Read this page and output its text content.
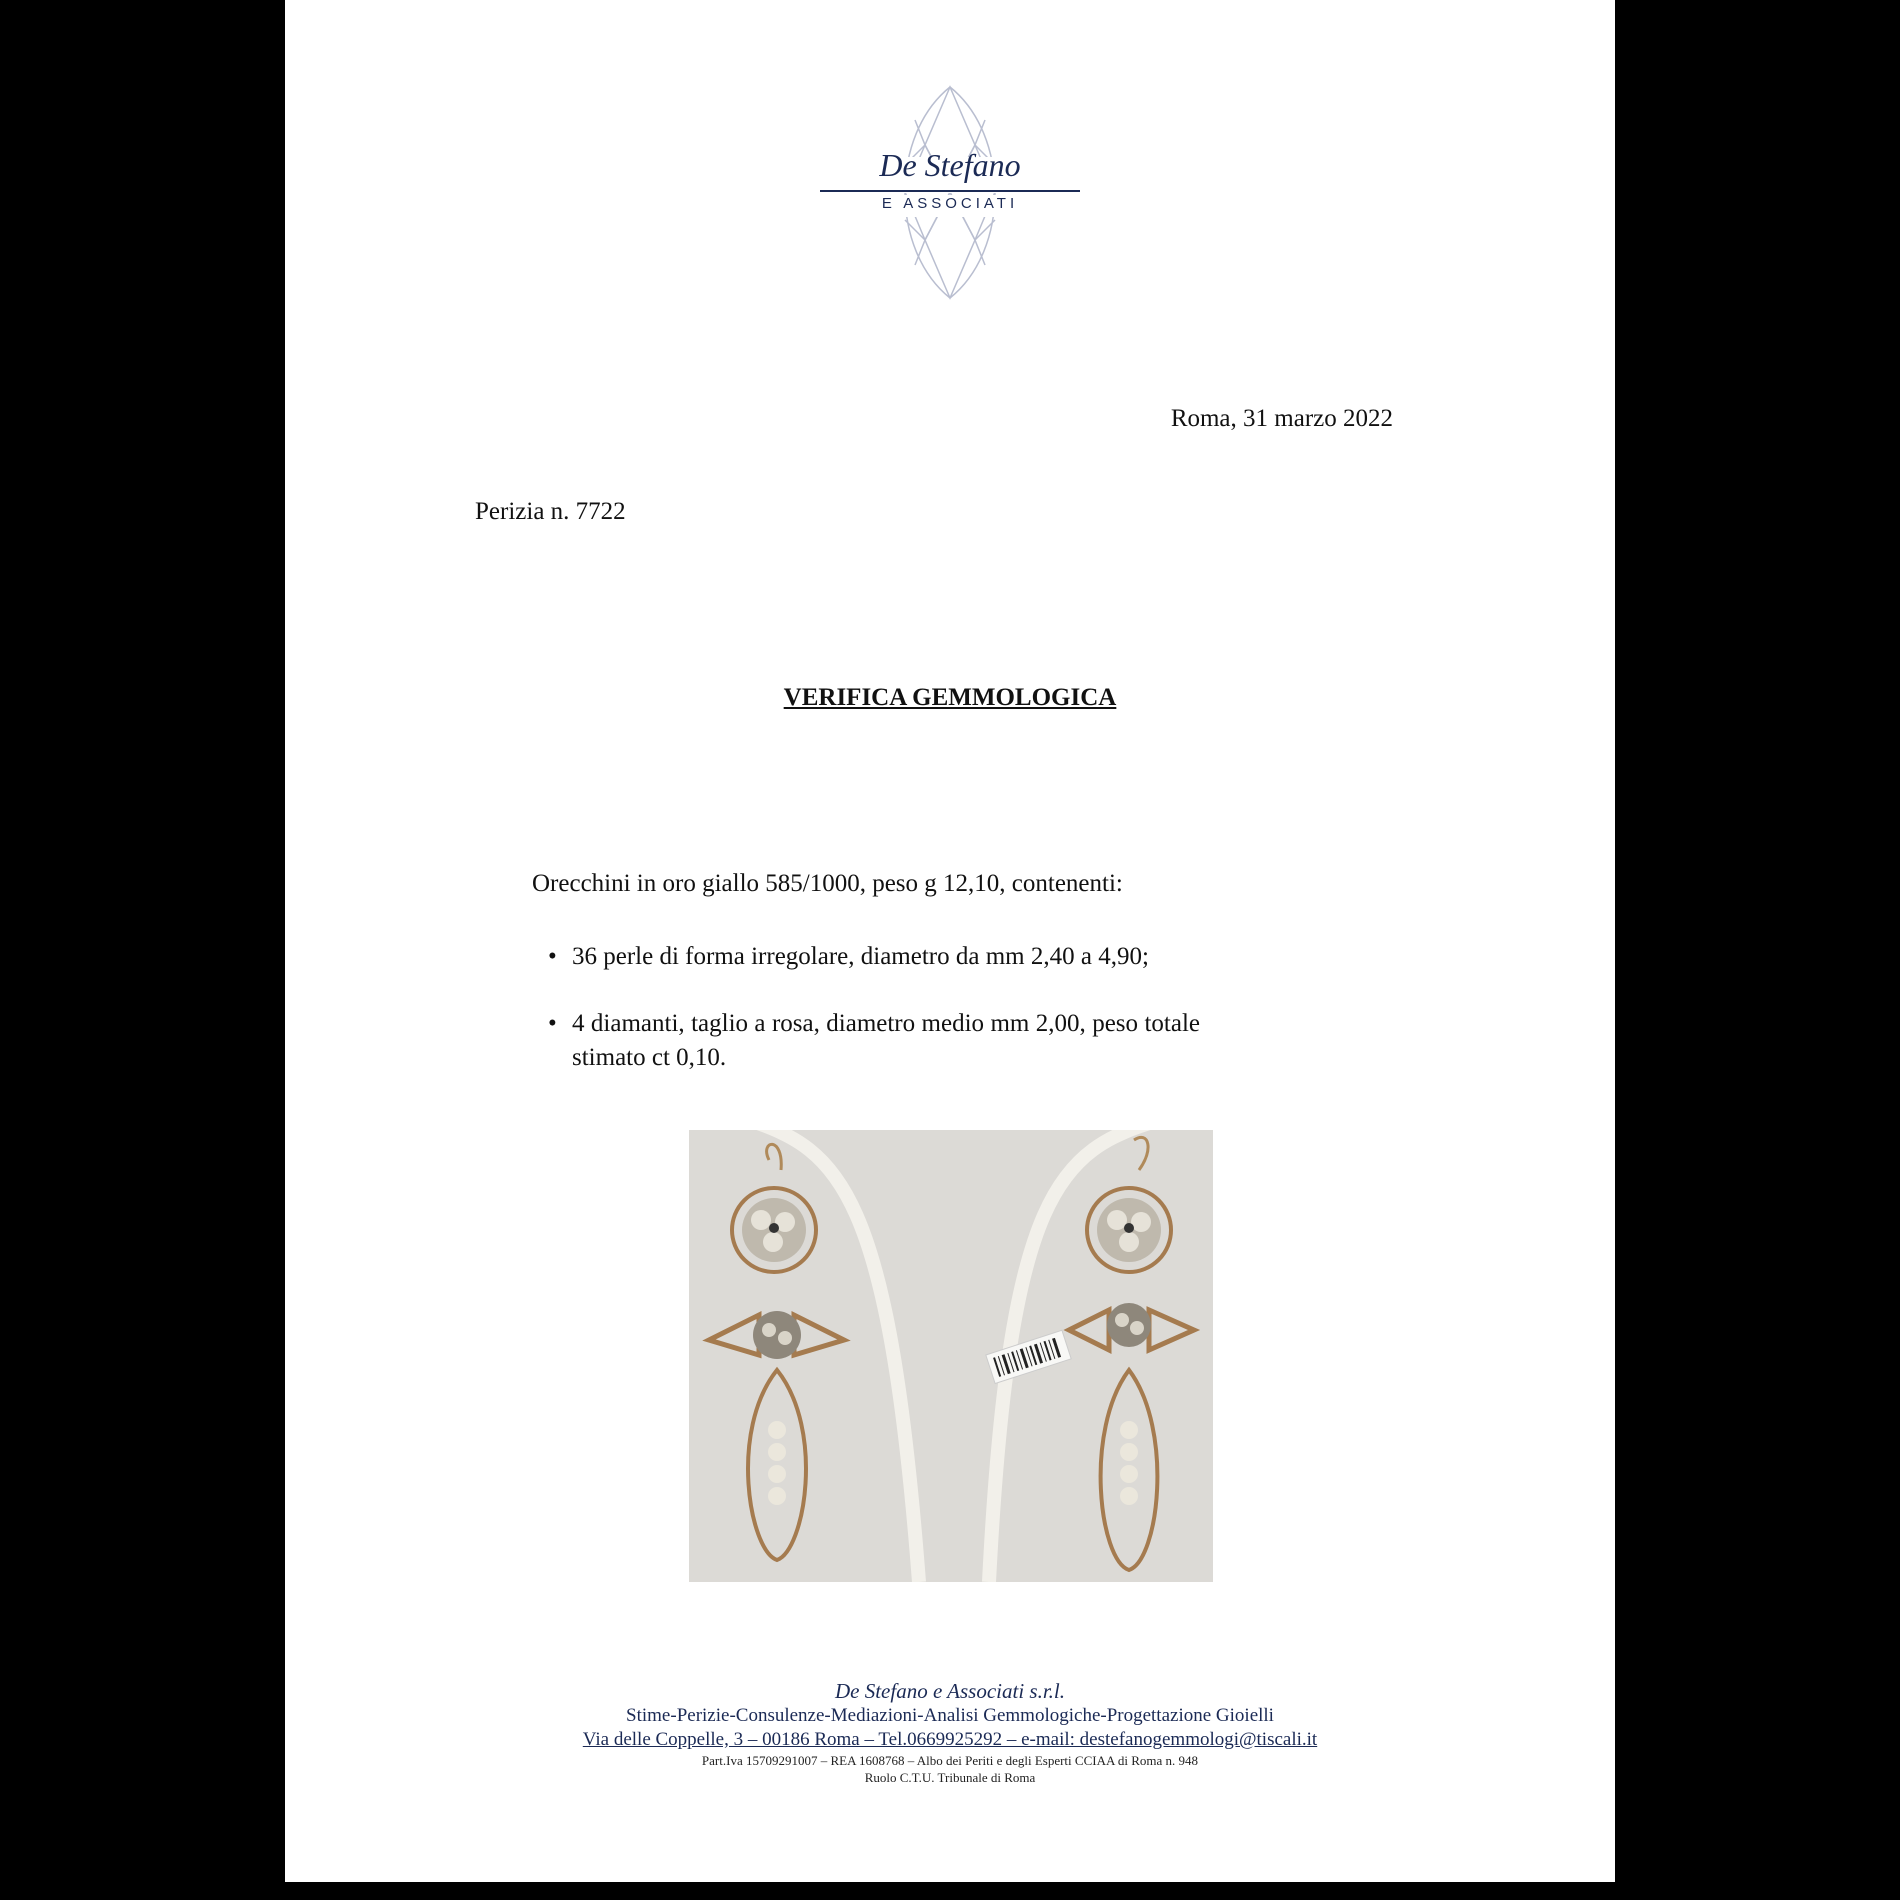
De Stefano
E ASSOCIATI
Roma, 31 marzo 2022
Perizia n. 7722
VERIFICA GEMMOLOGICA
Orecchini in oro giallo 585/1000, peso g 12,10, contenenti:
• 36 perle di forma irregolare, diametro da mm 2,40 a 4,90;
• 4 diamanti, taglio a rosa, diametro medio mm 2,00, peso totale stimato ct 0,10.
De Stefano e Associati s.r.l.
Stime-Perizie-Consulenze-Mediazioni-Analisi Gemmologiche-Progettazione Gioielli
Via delle Coppelle, 3 – 00186 Roma – Tel.0669925292 – e-mail: destefanogemmologi@tiscali.it
Part.Iva 15709291007 – REA 1608768 – Albo dei Periti e degli Esperti CCIAA di Roma n. 948
Ruolo C.T.U. Tribunale di Roma
